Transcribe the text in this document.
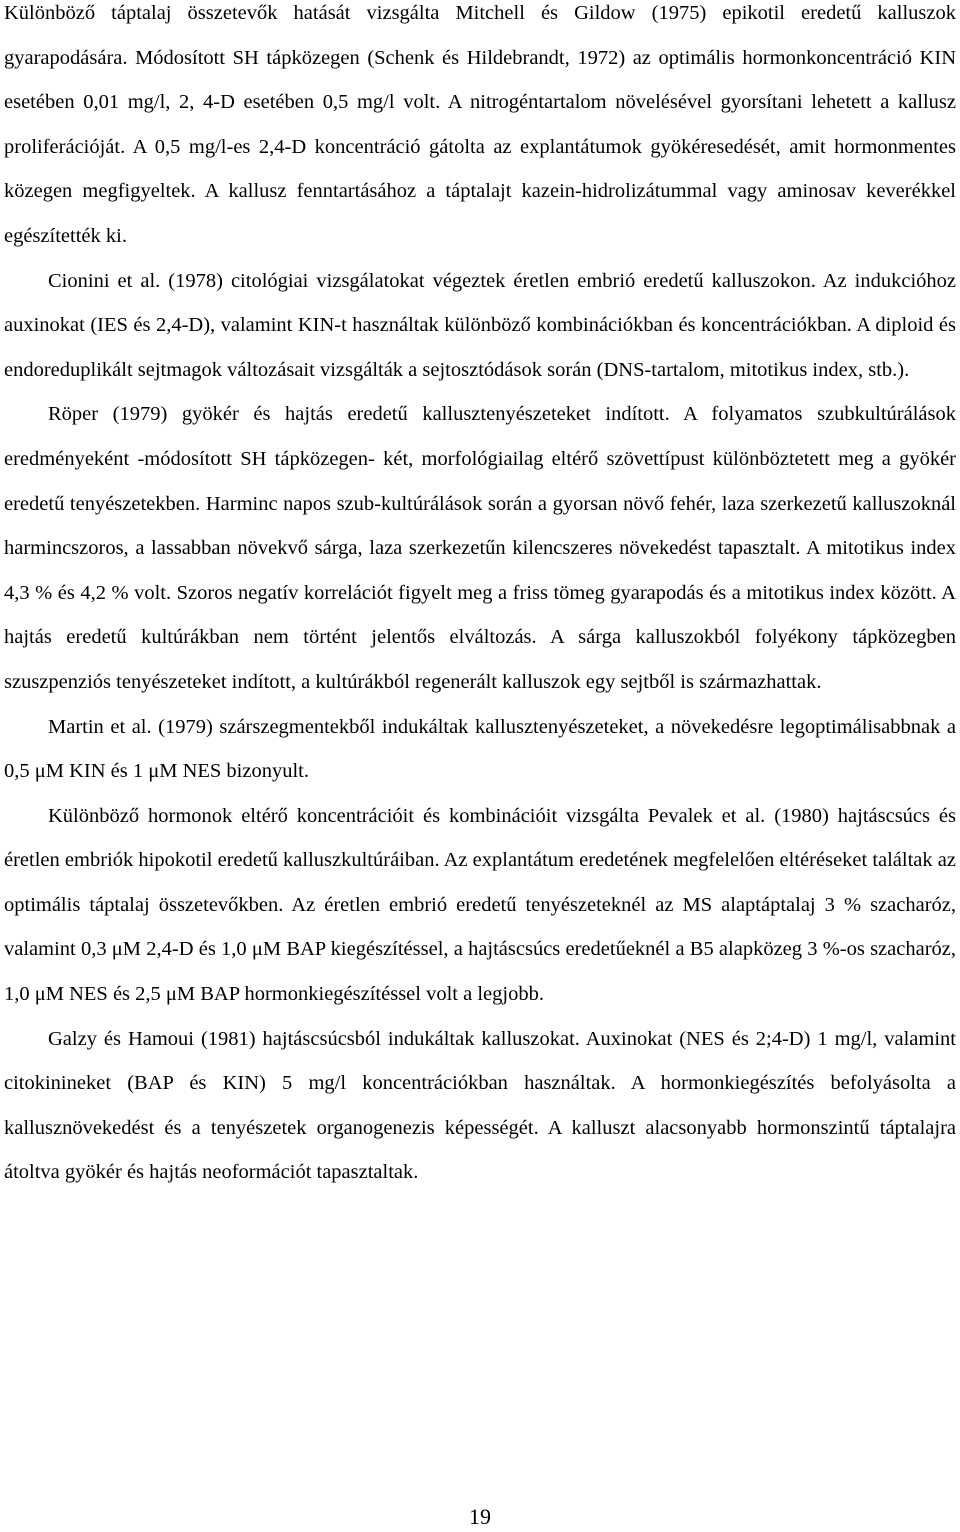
Különböző táptalaj összetevők hatását vizsgálta Mitchell és Gildow (1975) epikotil eredetű kalluszok gyarapodására. Módosított SH tápközegen (Schenk és Hildebrandt, 1972) az optimális hormonkoncentráció KIN esetében 0,01 mg/l, 2, 4-D esetében 0,5 mg/l volt. A nitrogéntartalom növelésével gyorsítani lehetett a kallusz proliferációját. A 0,5 mg/l-es 2,4-D koncentráció gátolta az explantátumok gyökéresedését, amit hormonmentes közegen megfigyeltek. A kallusz fenntartásához a táptalajt kazein-hidrolizátummal vagy aminosav keverékkel egészítették ki.

Cionini et al. (1978) citológiai vizsgálatokat végeztek éretlen embrió eredetű kalluszokon. Az indukcióhoz auxinokat (IES és 2,4-D), valamint KIN-t használtak különböző kombinációkban és koncentrációkban. A diploid és endoreduplikált sejtmagok változásait vizsgálták a sejtosztódások során (DNS-tartalom, mitotikus index, stb.).

Röper (1979) gyökér és hajtás eredetű kallusztenyészeteket indított. A folyamatos szubkultúrálások eredményeként -módosított SH tápközegen- két, morfológiailag eltérő szövettípust különböztetett meg a gyökér eredetű tenyészetekben. Harminc napos szub-kultúrálások során a gyorsan növő fehér, laza szerkezetű kalluszoknál harmincszoros, a lassabban növekvő sárga, laza szerkezetűn kilencszeres növekedést tapasztalt. A mitotikus index 4,3 % és 4,2 % volt. Szoros negatív korrelációt figyelt meg a friss tömeg gyarapodás és a mitotikus index között. A hajtás eredetű kultúrákban nem történt jelentős elváltozás. A sárga kalluszokból folyékony tápközegben szuszpenziós tenyészeteket indított, a kultúrákból regenerált kalluszok egy sejtből is származhattak.

Martin et al. (1979) szárszegmentekből indukáltak kallusztenyészeteket, a növekedésre legoptimálisabbnak a 0,5 μM KIN és 1 μM NES bizonyult.

Különböző hormonok eltérő koncentrációit és kombinációit vizsgálta Pevalek et al. (1980) hajtáscsúcs és éretlen embriók hipokotil eredetű kalluszkultúráiban. Az explantátum eredetének megfelelően eltéréseket találtak az optimális táptalaj összetevőkben. Az éretlen embrió eredetű tenyészeteknél az MS alaptáptalaj 3 % szacharóz, valamint 0,3 μM 2,4-D és 1,0 μM BAP kiegészítéssel, a hajtáscsúcs eredetűeknél a B5 alapközeg 3 %-os szacharóz, 1,0 μM NES és 2,5 μM BAP hormonkiegészítéssel volt a legjobb.

Galzy és Hamoui (1981) hajtáscsúcsból indukáltak kalluszokat. Auxinokat (NES és 2;4-D) 1 mg/l, valamint citokinineket (BAP és KIN) 5 mg/l koncentrációkban használtak. A hormonkiegészítés befolyásolta a kallusznövekedést és a tenyészetek organogenezis képességét. A kalluszt alacsonyabb hormonszintű táptalajra átoltva gyökér és hajtás neoformációt tapasztaltak.

19
